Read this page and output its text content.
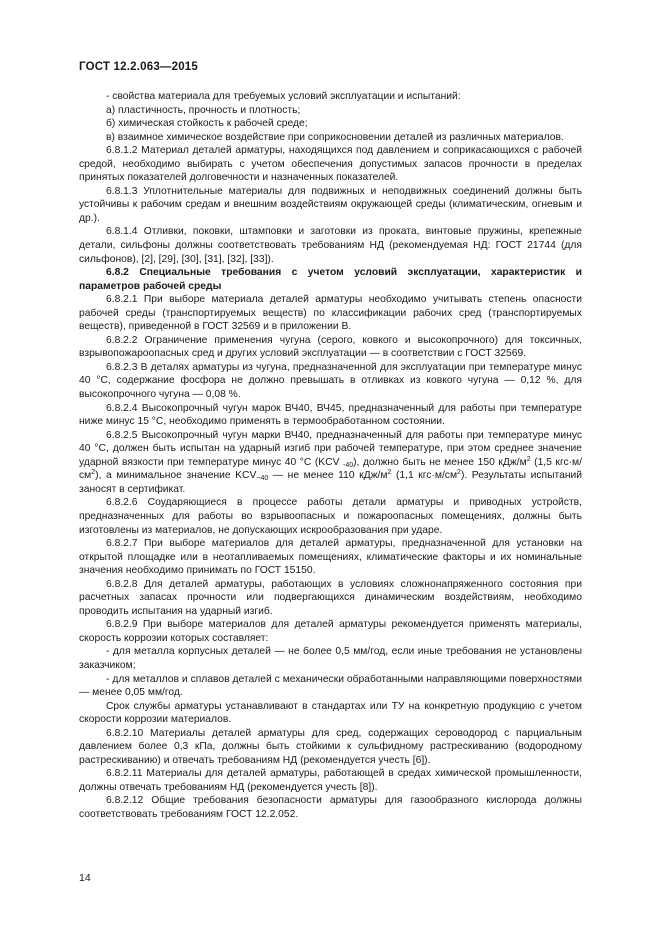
ГОСТ 12.2.063—2015

- свойства материала для требуемых условий эксплуатации и испытаний:

а) пластичность, прочность и плотность;

б) химическая стойкость к рабочей среде;

в) взаимное химическое воздействие при соприкосновении деталей из различных материалов.

6.8.1.2 Материал деталей арматуры, находящихся под давлением и соприкасающихся с рабочей средой, необходимо выбирать с учетом обеспечения допустимых запасов прочности в пределах принятых показателей долговечности и назначенных показателей.

6.8.1.3 Уплотнительные материалы для подвижных и неподвижных соединений должны быть устойчивы к рабочим средам и внешним воздействиям окружающей среды (климатическим, огневым и др.).

6.8.1.4 Отливки, поковки, штамповки и заготовки из проката, винтовые пружины, крепежные детали, сильфоны должны соответствовать требованиям НД (рекомендуемая НД: ГОСТ 21744 (для сильфонов), [2], [29], [30], [31], [32], [33]).

6.8.2 Специальные требования с учетом условий эксплуатации, характеристик и параметров рабочей среды

6.8.2.1 При выборе материала деталей арматуры необходимо учитывать степень опасности рабочей среды (транспортируемых веществ) по классификации рабочих сред (транспортируемых веществ), приведенной в ГОСТ 32569 и в приложении В.

6.8.2.2 Ограничение применения чугуна (серого, ковкого и высокопрочного) для токсичных, взрывопожароопасных сред и других условий эксплуатации — в соответствии с ГОСТ 32569.

6.8.2.3 В деталях арматуры из чугуна, предназначенной для эксплуатации при температуре минус 40 °С, содержание фосфора не должно превышать в отливках из ковкого чугуна — 0,12 %, для высокопрочного чугуна — 0,08 %.

6.8.2.4 Высокопрочный чугун марок ВЧ40, ВЧ45, предназначенный для работы при температуре ниже минус 15 °С, необходимо применять в термообработанном состоянии.

6.8.2.5 Высокопрочный чугун марки ВЧ40, предназначенный для работы при температуре минус 40 °С, должен быть испытан на ударный изгиб при рабочей температуре, при этом среднее значение ударной вязкости при температуре минус 40 °С (KCV $_{-40}$), должно быть не менее 150 кДж/$м^2$ (1,5 $кгс\cdot м/см^2$), а минимальное значение $KCV_{-40}$ — не менее 110 кДж/$м^2$ (1,1 $кгс\cdot м/см^2$). Результаты испытаний заносят в сертификат.

6.8.2.6 Соударяющиеся в процессе работы детали арматуры и приводных устройств, предназначенных для работы во взрывоопасных и пожароопасных помещениях, должны быть изготовлены из материалов, не допускающих искрообразования при ударе.

6.8.2.7 При выборе материалов для деталей арматуры, предназначенной для установки на открытой площадке или в неотапливаемых помещениях, климатические факторы и их номинальные значения необходимо принимать по ГОСТ 15150.

6.8.2.8 Для деталей арматуры, работающих в условиях сложнонапряженного состояния при расчетных запасах прочности или подвергающихся динамическим воздействиям, необходимо проводить испытания на ударный изгиб.

6.8.2.9 При выборе материалов для деталей арматуры рекомендуется применять материалы, скорость коррозии которых составляет:

- для металла корпусных деталей — не более 0,5 мм/год, если иные требования не установлены заказчиком;

- для металлов и сплавов деталей с механически обработанными направляющими поверхностями — менее 0,05 мм/год.

Срок службы арматуры устанавливают в стандартах или ТУ на конкретную продукцию с учетом скорости коррозии материалов.

6.8.2.10 Материалы деталей арматуры для сред, содержащих сероводород с парциальным давлением более 0,3 кПа, должны быть стойкими к сульфидному растрескиванию (водородному растрескиванию) и отвечать требованиям НД (рекомендуется учесть [6]).

6.8.2.11 Материалы для деталей арматуры, работающей в средах химической промышленности, должны отвечать требованиям НД (рекомендуется учесть [8]).

6.8.2.12 Общие требования безопасности арматуры для газообразного кислорода должны соответствовать требованиям ГОСТ 12.2.052.

14
